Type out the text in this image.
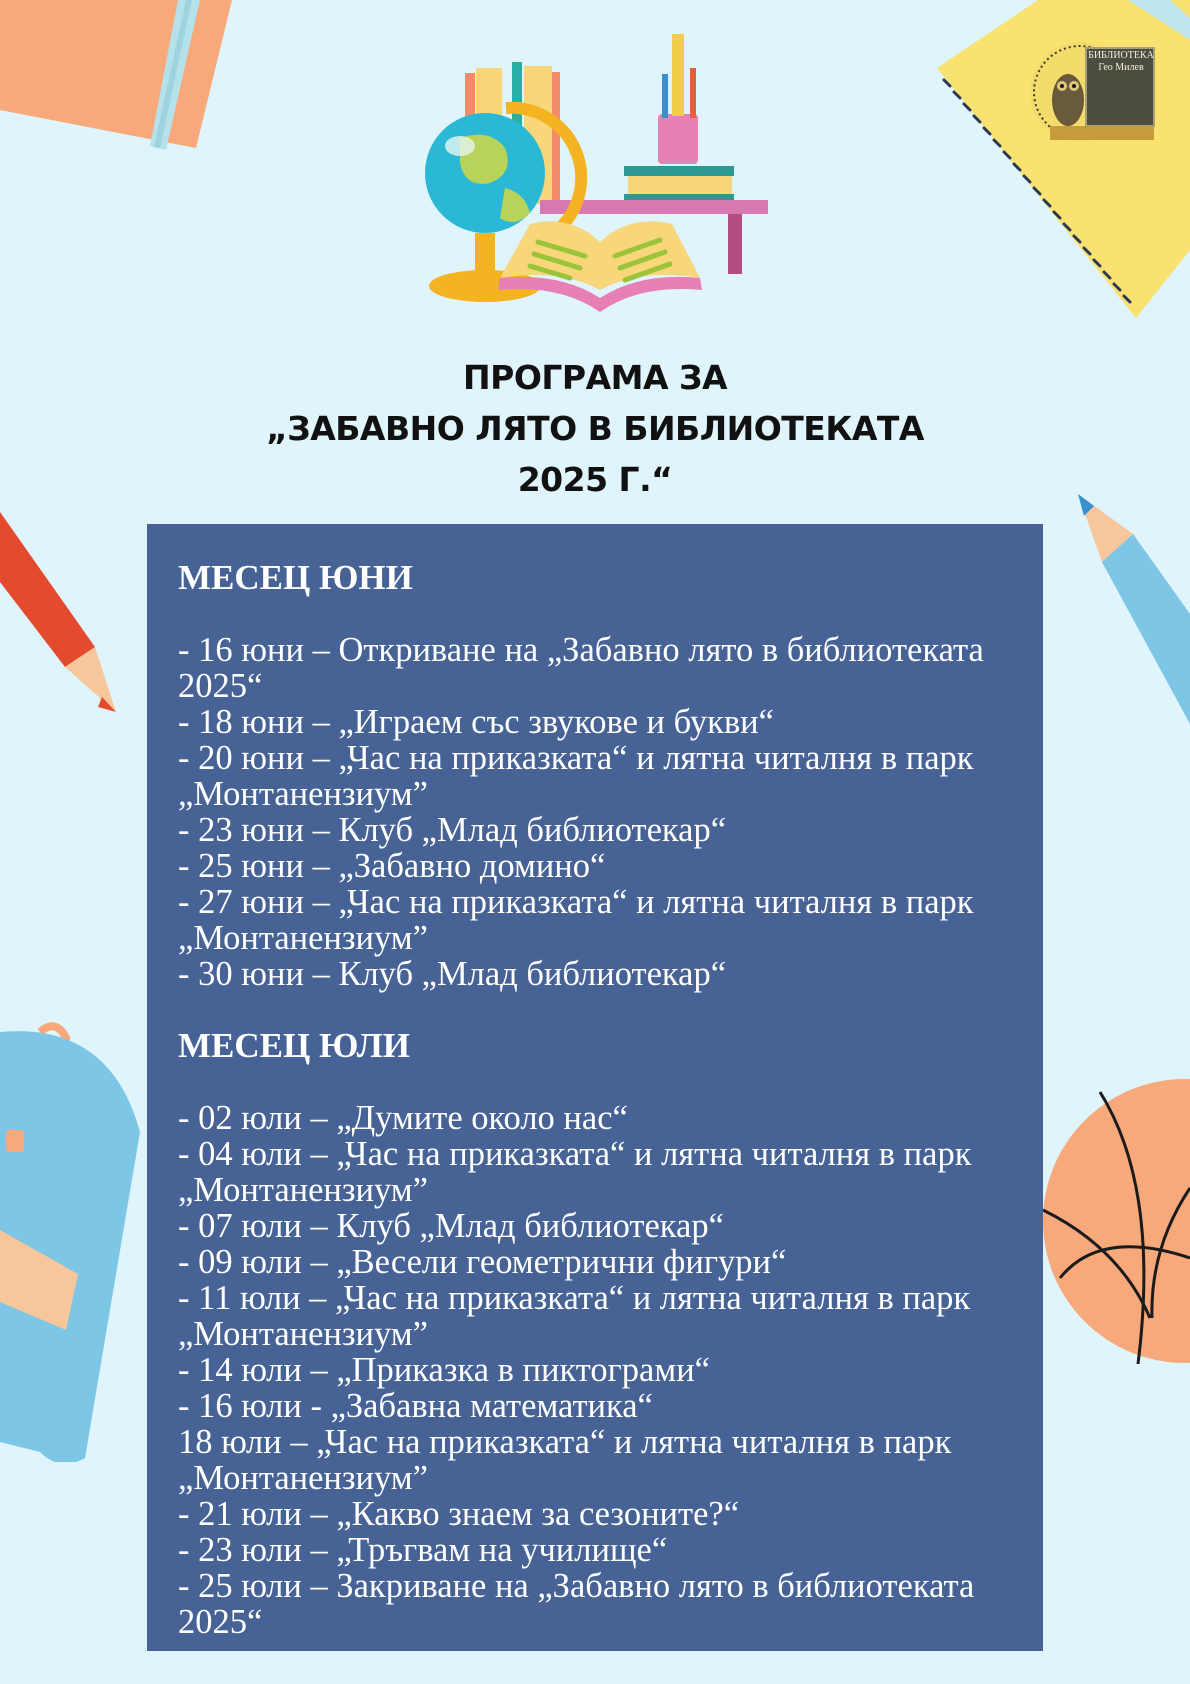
БИБЛИОТЕКА Гео Милев
ПРОГРАМА ЗА
„ЗАБАВНО ЛЯТО В БИБЛИОТЕКАТА
2025 Г.“
МЕСЕЦ ЮНИ
- 16 юни – Откриване на „Забавно лято в библиотеката 2025“
- 18 юни – „Играем със звукове и букви“
- 20 юни – „Час на приказката“ и лятна читалня в парк „Монтанензиум”
- 23 юни – Клуб „Млад библиотекар“
- 25 юни – „Забавно домино“
- 27 юни – „Час на приказката“ и лятна читалня в парк „Монтанензиум”
- 30 юни – Клуб „Млад библиотекар“
МЕСЕЦ ЮЛИ
- 02 юли – „Думите около нас“
- 04 юли – „Час на приказката“ и лятна читалня в парк „Монтанензиум”
- 07 юли – Клуб „Млад библиотекар“
- 09 юли – „Весели геометрични фигури“
- 11 юли – „Час на приказката“ и лятна читалня в парк „Монтанензиум”
- 14 юли – „Приказка в пиктограми“
- 16 юли - „Забавна математика“
18 юли – „Час на приказката“ и лятна читалня в парк „Монтанензиум”
- 21 юли – „Какво знаем за сезоните?“
- 23 юли – „Тръгвам на училище“
- 25 юли – Закриване на „Забавно лято в библиотеката 2025“
